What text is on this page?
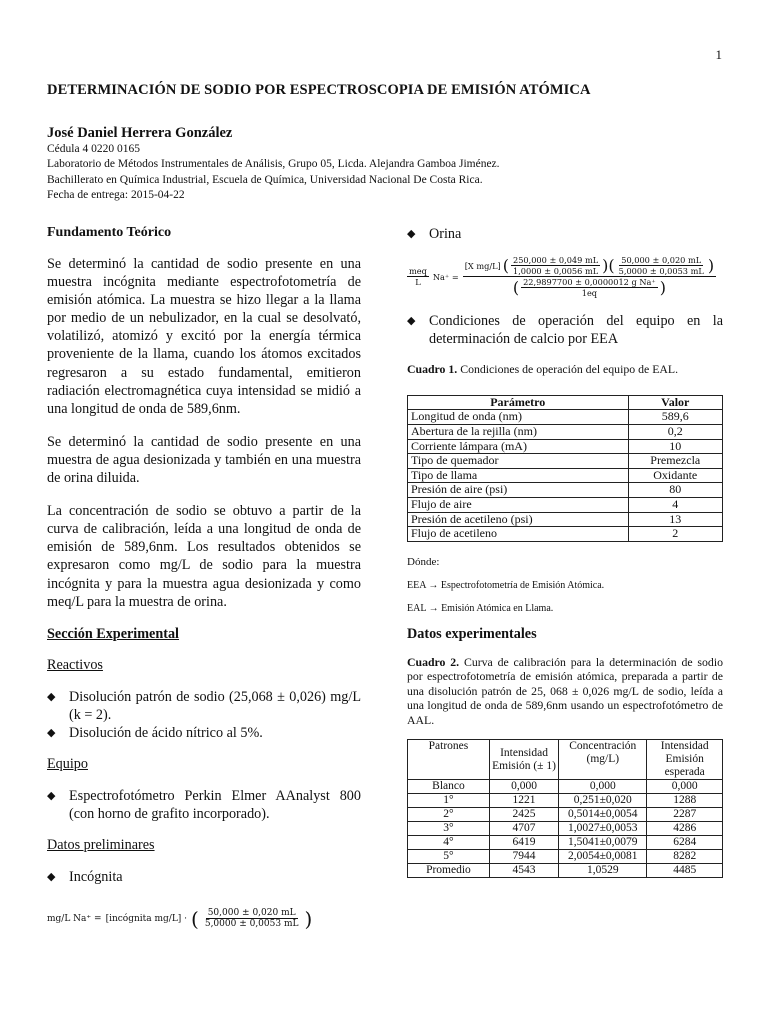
1
DETERMINACIÓN DE SODIO POR ESPECTROSCOPIA DE EMISIÓN ATÓMICA
José Daniel Herrera González
Cédula 4 0220 0165
Laboratorio de Métodos Instrumentales de Análisis, Grupo 05, Licda. Alejandra Gamboa Jiménez.
Bachillerato en Química Industrial, Escuela de Química, Universidad Nacional De Costa Rica.
Fecha de entrega: 2015-04-22
Fundamento Teórico

Se determinó la cantidad de sodio presente en una muestra incógnita mediante espectrofotometría de emisión atómica. La muestra se hizo llegar a la llama por medio de un nebulizador, en la cual se desolvató, volatilizó, atomizó y excitó por la energía térmica proveniente de la llama, cuando los átomos excitados regresaron a su estado fundamental, emitieron radiación electromagnética cuya intensidad se midió a una longitud de onda de 589,6nm.

Se determinó la cantidad de sodio presente en una muestra de agua desionizada y también en una muestra de orina diluida.

La concentración de sodio se obtuvo a partir de la curva de calibración, leída a una longitud de onda de emisión de 589,6nm. Los resultados obtenidos se expresaron como mg/L de sodio para la muestra incógnita y para la muestra agua desionizada y como meq/L para la muestra de orina.

Sección Experimental
Reactivos
◆ Disolución patrón de sodio (25,068 ± 0,026) mg/L (k = 2).
◆ Disolución de ácido nítrico al 5%.
Equipo
◆ Espectrofotómetro Perkin Elmer AAnalyst 800 (con horno de grafito incorporado).
Datos preliminares
◆ Incógnita
mg/L Na⁺ = [incógnita mg/L] · ( $\frac{50,000 \pm 0,020 mL}{5,0000 \pm 0,0053 mL}$ )
◆ Orina
$\frac{\text{meq}}{L} Na^+$ =
[X mg/L] ( $\frac{250,000 \pm 0,049 mL}{1,0000 \pm 0,0056 mL}$ )( $\frac{50,000 \pm 0,020 mL}{5,0000 \pm 0,0053 mL}$ )
( $\frac{\text{22,9897700 ± 0,0000012 g Na⁺}}{1eq}$ )
◆ Condiciones de operación del equipo en la determinación de calcio por EEA

Cuadro 1. Condiciones de operación del equipo de EAL.

Parámetro	Valor
Longitud de onda (nm)	589,6
Abertura de la rejilla (nm)	0,2
Corriente lámpara (mA)	10
Tipo de quemador	Premezcla
Tipo de llama	Oxidante
Presión de aire (psi)	80
Flujo de aire	4
Presión de acetileno (psi)	13
Flujo de acetileno	2

Dónde:

EEA → Espectrofotometría de Emisión Atómica.

EAL → Emisión Atómica en Llama.

Datos experimentales

Cuadro 2. Curva de calibración para la determinación de sodio por espectrofotometría de emisión atómica, preparada a partir de una disolución patrón de 25, 068 ± 0,026 mg/L de sodio, leída a una longitud de onda de 589,6nm usando un espectrofotómetro de AAL.

Patrones	Intensidad Emisión (± 1)	Concentración (mg/L)	Intensidad Emisión esperada
Blanco	0,000	0,000	0,000
1°	1221	0,251±0,020	1288
2°	2425	0,5014±0,0054	2287
3°	4707	1,0027±0,0053	4286
4°	6419	1,5041±0,0079	6284
5°	7944	2,0054±0,0081	8282
Promedio	4543	1,0529	4485
